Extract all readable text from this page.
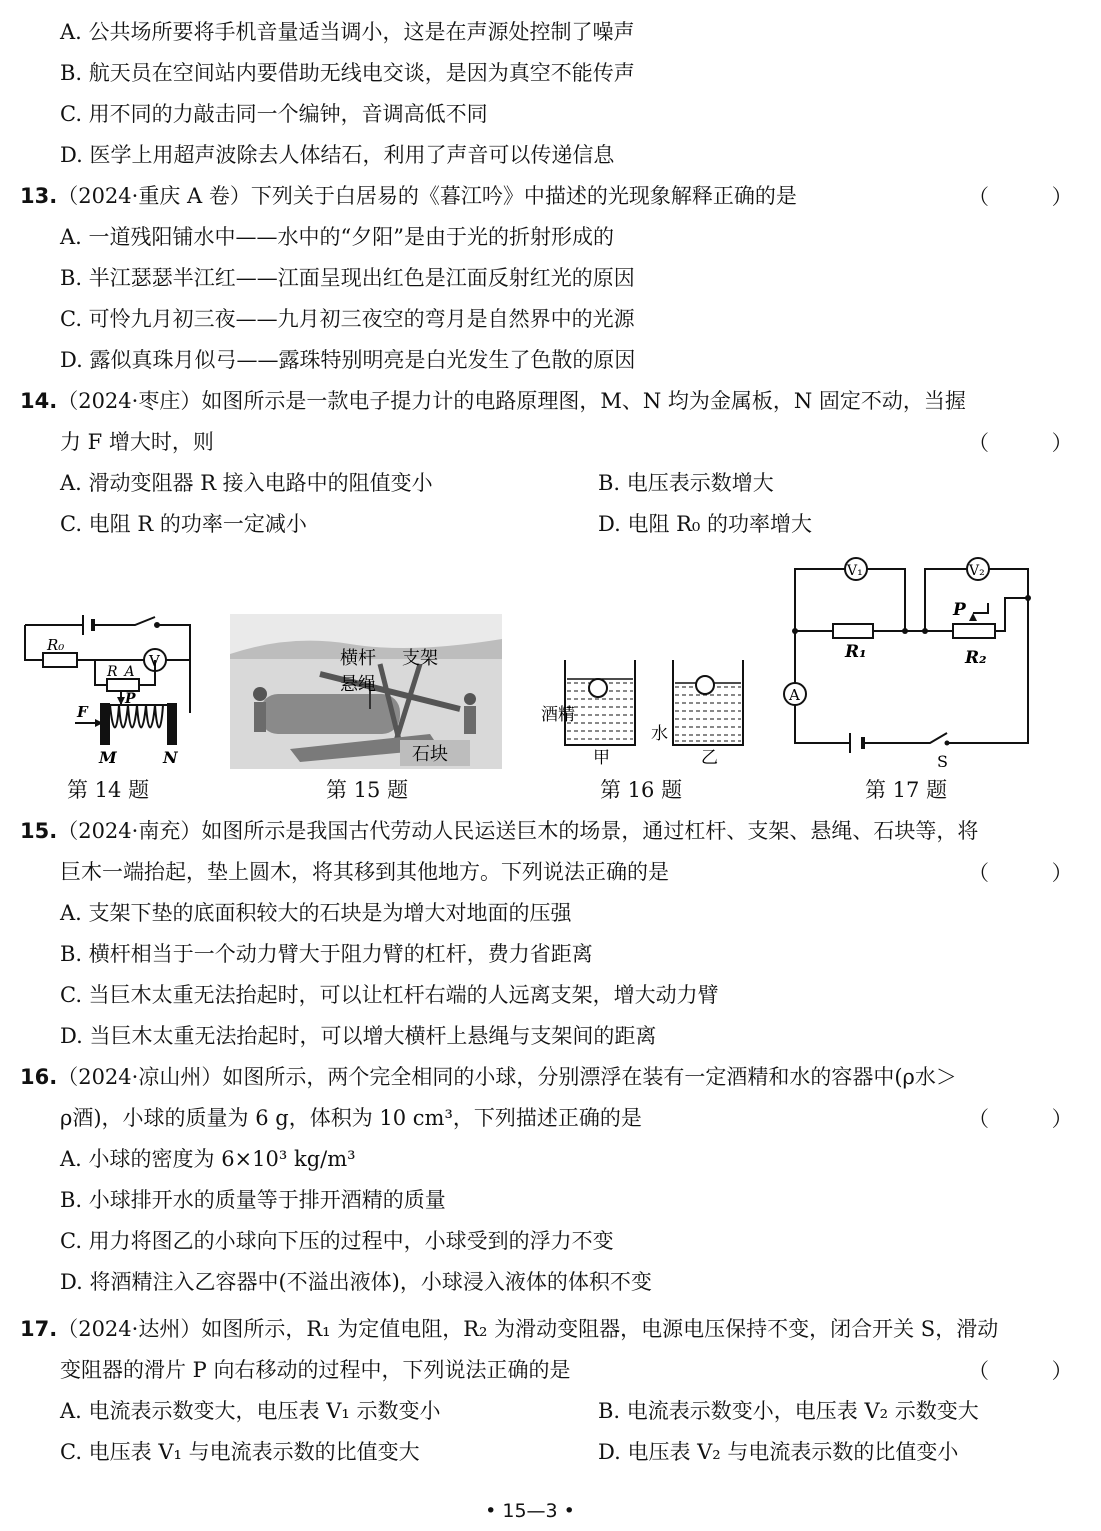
A. 公共场所要将手机音量适当调小，这是在声源处控制了噪声
B. 航天员在空间站内要借助无线电交谈，是因为真空不能传声
C. 用不同的力敲击同一个编钟，音调高低不同
D. 医学上用超声波除去人体结石，利用了声音可以传递信息
13.（2024·重庆 A 卷）下列关于白居易的《暮江吟》中描述的光现象解释正确的是	（ ）
A. 一道残阳铺水中——水中的“夕阳”是由于光的折射形成的
B. 半江瑟瑟半江红——江面呈现出红色是江面反射红光的原因
C. 可怜九月初三夜——九月初三夜空的弯月是自然界中的光源
D. 露似真珠月似弓——露珠特别明亮是白光发生了色散的原因
14.（2024·枣庄）如图所示是一款电子提力计的电路原理图，M、N 均为金属板，N 固定不动，当握
力 F 增大时，则	（ ）
A. 滑动变阻器 R 接入电路中的阻值变小	B. 电压表示数增大
C. 电阻 R 的功率一定减小	D. 电阻 R₀ 的功率增大
R₀
V
R_A
P
F
M	N
横杆 支架
悬绳
石块
酒精
甲
水
乙
V₁	V₂
P
R₁	R₂
A
S
第 14 题	第 15 题	第 16 题	第 17 题
15.（2024·南充）如图所示是我国古代劳动人民运送巨木的场景，通过杠杆、支架、悬绳、石块等，将
巨木一端抬起，垫上圆木，将其移到其他地方。下列说法正确的是	（ ）
A. 支架下垫的底面积较大的石块是为增大对地面的压强
B. 横杆相当于一个动力臂大于阻力臂的杠杆，费力省距离
C. 当巨木太重无法抬起时，可以让杠杆右端的人远离支架，增大动力臂
D. 当巨木太重无法抬起时，可以增大横杆上悬绳与支架间的距离
16.（2024·凉山州）如图所示，两个完全相同的小球，分别漂浮在装有一定酒精和水的容器中(ρ水＞
ρ酒)，小球的质量为 6 g，体积为 10 cm³，下列描述正确的是	（ ）
A. 小球的密度为 6×10³ kg/m³
B. 小球排开水的质量等于排开酒精的质量
C. 用力将图乙的小球向下压的过程中，小球受到的浮力不变
D. 将酒精注入乙容器中(不溢出液体)，小球浸入液体的体积不变
17.（2024·达州）如图所示，R₁ 为定值电阻，R₂ 为滑动变阻器，电源电压保持不变，闭合开关 S，滑动
变阻器的滑片 P 向右移动的过程中，下列说法正确的是	（ ）
A. 电流表示数变大，电压表 V₁ 示数变小	B. 电流表示数变小，电压表 V₂ 示数变大
C. 电压表 V₁ 与电流表示数的比值变大	D. 电压表 V₂ 与电流表示数的比值变小
• 15—3 •
